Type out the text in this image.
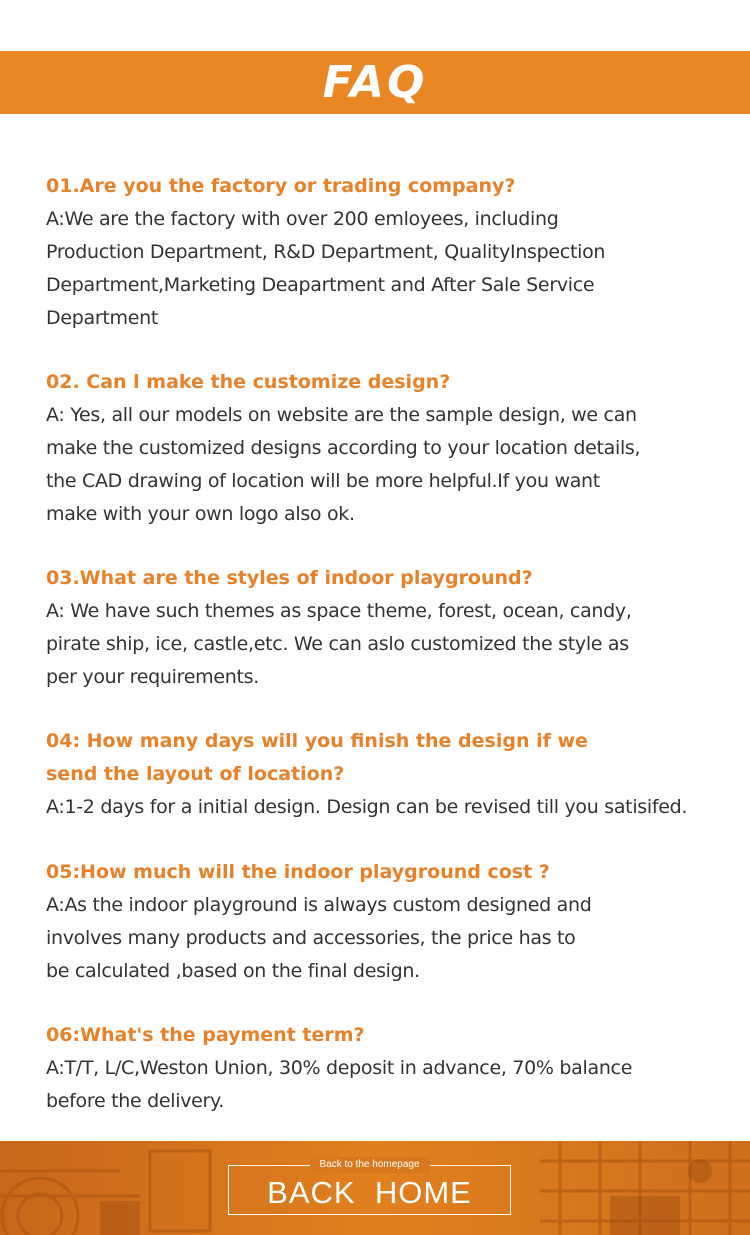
FAQ

01.Are you the factory or trading company?

A:We are the factory with over 200 emloyees, including
Production Department, R&D Department, QualityInspection
Department,Marketing Deapartment and After Sale Service
Department

02. Can l make the customize design?

A: Yes, all our models on website are the sample design, we can
make the customized designs according to your location details,
the CAD drawing of location will be more helpful.If you want
make with your own logo also ok.

03.What are the styles of indoor playground?

A: We have such themes as space theme, forest, ocean, candy,
pirate ship, ice, castle,etc. We can aslo customized the style as
per your requirements.

04: How many days will you finish the design if we
send the layout of location?

A:1-2 days for a initial design. Design can be revised till you satisifed.

05:How much will the indoor playground cost ?

A:As the indoor playground is always custom designed and
involves many products and accessories, the price has to
be calculated ,based on the final design.

06:What's the payment term?

A:T/T, L/C,Weston Union, 30% deposit in advance, 70% balance
before the delivery.

Back to the homepage
BACK  HOME
